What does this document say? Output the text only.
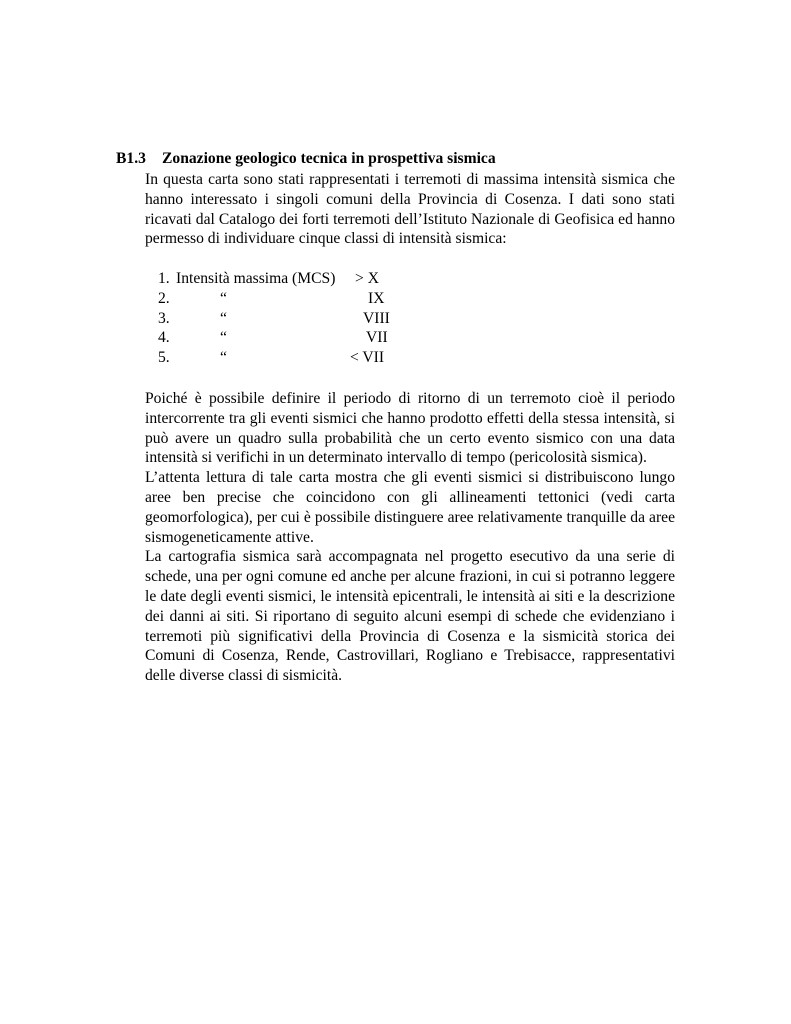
B1.3 Zonazione geologico tecnica in prospettiva sismica

In questa carta sono stati rappresentati i terremoti di massima intensità sismica che hanno interessato i singoli comuni della Provincia di Cosenza. I dati sono stati ricavati dal Catalogo dei forti terremoti dell’Istituto Nazionale di Geofisica ed hanno permesso di individuare cinque classi di intensità sismica:

1. Intensità massima (MCS) > X
2.	“	IX
3.	“	VIII
4.	“	VII
5.	“	< VII

Poiché è possibile definire il periodo di ritorno di un terremoto cioè il periodo intercorrente tra gli eventi sismici che hanno prodotto effetti della stessa intensità, si può avere un quadro sulla probabilità che un certo evento sismico con una data intensità si verifichi in un determinato intervallo di tempo (pericolosità sismica).

L’attenta lettura di tale carta mostra che gli eventi sismici si distribuiscono lungo aree ben precise che coincidono con gli allineamenti tettonici (vedi carta geomorfologica), per cui è possibile distinguere aree relativamente tranquille da aree sismogeneticamente attive.

La cartografia sismica sarà accompagnata nel progetto esecutivo da una serie di schede, una per ogni comune ed anche per alcune frazioni, in cui si potranno leggere le date degli eventi sismici, le intensità epicentrali, le intensità ai siti e la descrizione dei danni ai siti. Si riportano di seguito alcuni esempi di schede che evidenziano i terremoti più significativi della Provincia di Cosenza e la sismicità storica dei Comuni di Cosenza, Rende, Castrovillari, Rogliano e Trebisacce, rappresentativi delle diverse classi di sismicità.
